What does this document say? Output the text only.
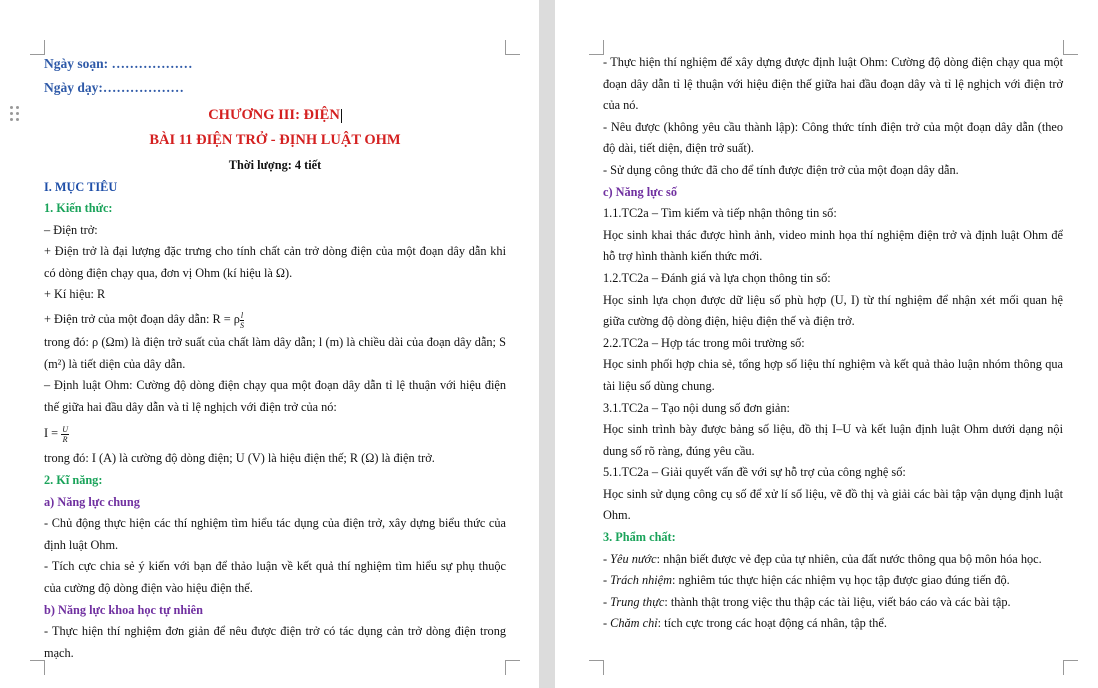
Ngày soạn: ………………

Ngày dạy:………………

CHƯƠNG III: ĐIỆN

BÀI 11 ĐIỆN TRỞ - ĐỊNH LUẬT OHM

Thời lượng: 4 tiết

I. MỤC TIÊU

1. Kiến thức:

– Điện trở:

+ Điện trở là đại lượng đặc trưng cho tính chất cản trở dòng điện của một đoạn dây dẫn khi có dòng điện chạy qua, đơn vị Ohm (kí hiệu là Ω).

+ Kí hiệu: R

+ Điện trở của một đoạn dây dẫn: R = ρ $\frac{l}{S}$

trong đó: ρ (Ωm) là điện trở suất của chất làm dây dẫn; l (m) là chiều dài của đoạn dây dẫn; S (m²) là tiết diện của dây dẫn.

– Định luật Ohm: Cường độ dòng điện chạy qua một đoạn dây dẫn tỉ lệ thuận với hiệu điện thế giữa hai đầu dây dẫn và tỉ lệ nghịch với điện trở của nó:

$I = \frac{U}{R}$

trong đó: I (A) là cường độ dòng điện; U (V) là hiệu điện thế; R (Ω) là điện trở.

2. Kĩ năng:

a) Năng lực chung

- Chủ động thực hiện các thí nghiệm tìm hiểu tác dụng của điện trở, xây dựng biểu thức của định luật Ohm.

- Tích cực chia sẻ ý kiến với bạn để thảo luận về kết quả thí nghiệm tìm hiểu sự phụ thuộc của cường độ dòng điện vào hiệu điện thế.

b) Năng lực khoa học tự nhiên

- Thực hiện thí nghiệm đơn giản để nêu được điện trở có tác dụng cản trở dòng điện trong mạch.

- Thực hiện thí nghiệm để xây dựng được định luật Ohm: Cường độ dòng điện chạy qua một đoạn dây dẫn tỉ lệ thuận với hiệu điện thế giữa hai đầu đoạn dây và tỉ lệ nghịch với điện trở của nó.

- Nêu được (không yêu cầu thành lập): Công thức tính điện trở của một đoạn dây dẫn (theo độ dài, tiết diện, điện trở suất).

- Sử dụng công thức đã cho để tính được điện trở của một đoạn dây dẫn.

c) Năng lực số

1.1.TC2a – Tìm kiếm và tiếp nhận thông tin số:

Học sinh khai thác được hình ảnh, video minh họa thí nghiệm điện trở và định luật Ohm để hỗ trợ hình thành kiến thức mới.

1.2.TC2a – Đánh giá và lựa chọn thông tin số:

Học sinh lựa chọn được dữ liệu số phù hợp (U, I) từ thí nghiệm để nhận xét mối quan hệ giữa cường độ dòng điện, hiệu điện thế và điện trở.

2.2.TC2a – Hợp tác trong môi trường số:

Học sinh phối hợp chia sẻ, tổng hợp số liệu thí nghiệm và kết quả thảo luận nhóm thông qua tài liệu số dùng chung.

3.1.TC2a – Tạo nội dung số đơn giản:

Học sinh trình bày được bảng số liệu, đồ thị I–U và kết luận định luật Ohm dưới dạng nội dung số rõ ràng, đúng yêu cầu.

5.1.TC2a – Giải quyết vấn đề với sự hỗ trợ của công nghệ số:

Học sinh sử dụng công cụ số để xử lí số liệu, vẽ đồ thị và giải các bài tập vận dụng định luật Ohm.

3. Phẩm chất:

- Yêu nước: nhận biết được vẻ đẹp của tự nhiên, của đất nước thông qua bộ môn hóa học.

- Trách nhiệm: nghiêm túc thực hiện các nhiệm vụ học tập được giao đúng tiến độ.

- Trung thực: thành thật trong việc thu thập các tài liệu, viết báo cáo và các bài tập.

- Chăm chỉ: tích cực trong các hoạt động cá nhân, tập thể.
